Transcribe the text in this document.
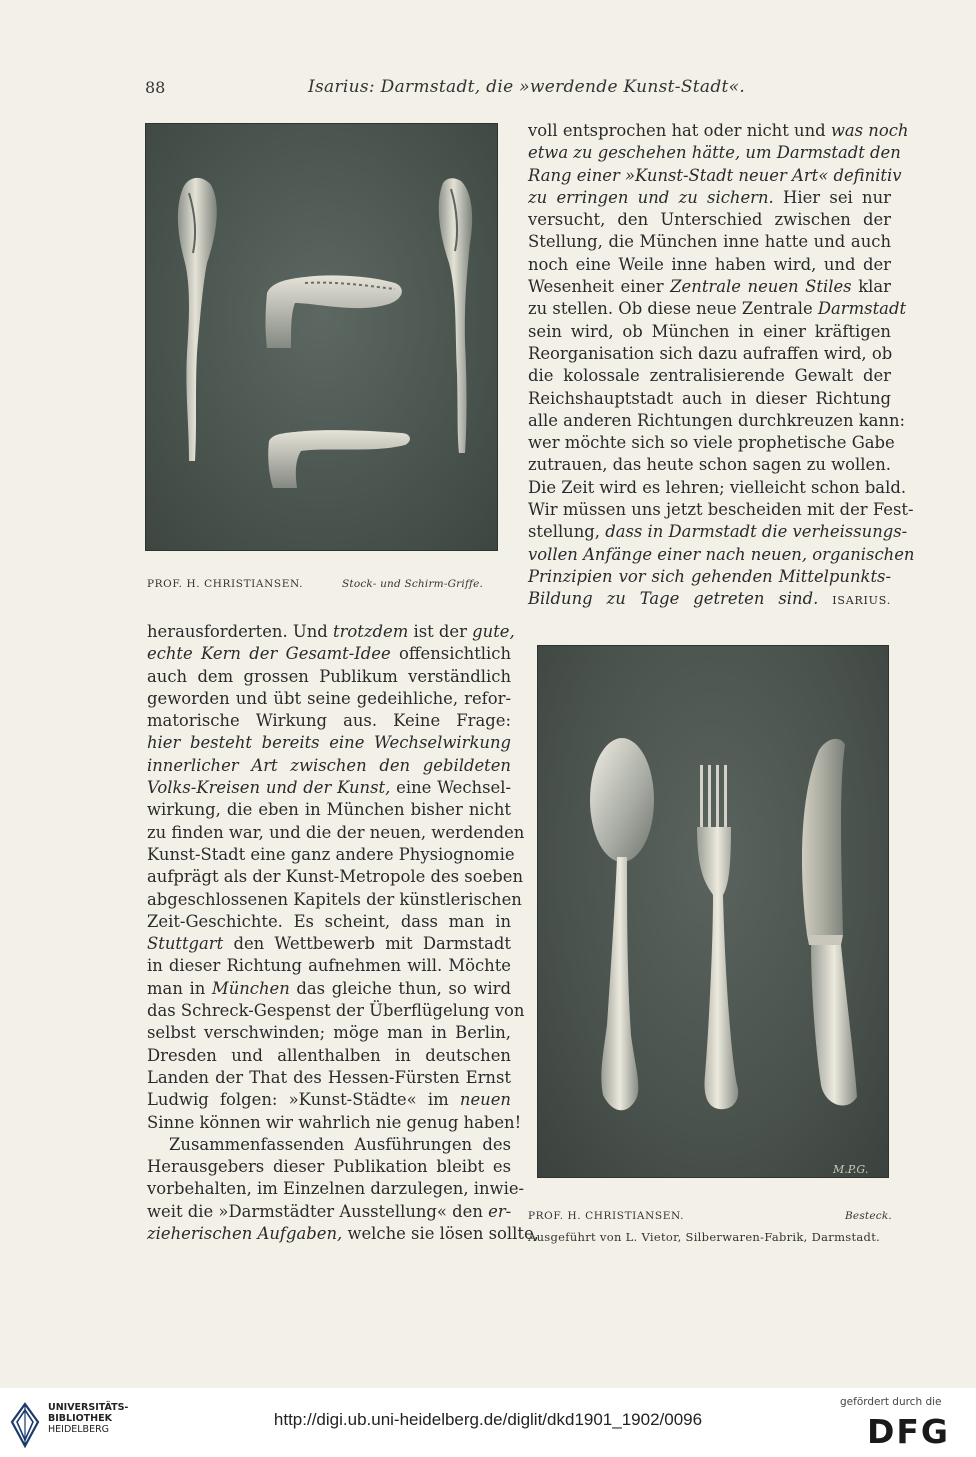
88	Isarius: Darmstadt, die »werdende Kunst-Stadt«.
PROF. H. CHRISTIANSEN.	Stock- und Schirm-Griffe.
voll entsprochen hat oder nicht und was noch
etwa zu geschehen hätte, um Darmstadt den
Rang einer »Kunst-Stadt neuer Art« definitiv
zu erringen und zu sichern. Hier sei nur
versucht, den Unterschied zwischen der
Stellung, die München inne hatte und auch
noch eine Weile inne haben wird, und der
Wesenheit einer Zentrale neuen Stiles klar
zu stellen. Ob diese neue Zentrale Darmstadt
sein wird, ob München in einer kräftigen
Reorganisation sich dazu aufraffen wird, ob
die kolossale zentralisierende Gewalt der
Reichshauptstadt auch in dieser Richtung
alle anderen Richtungen durchkreuzen kann:
wer möchte sich so viele prophetische Gabe
zutrauen, das heute schon sagen zu wollen.
Die Zeit wird es lehren; vielleicht schon bald.
Wir müssen uns jetzt bescheiden mit der Fest-
stellung, dass in Darmstadt die verheissungs-
vollen Anfänge einer nach neuen, organischen
Prinzipien vor sich gehenden Mittelpunkts-
Bildung zu Tage getreten sind. ISARIUS.
herausforderten. Und trotzdem ist der gute,
echte Kern der Gesamt-Idee offensichtlich
auch dem grossen Publikum verständlich
geworden und übt seine gedeihliche, refor-
matorische Wirkung aus. Keine Frage:
hier besteht bereits eine Wechselwirkung
innerlicher Art zwischen den gebildeten
Volks-Kreisen und der Kunst, eine Wechsel-
wirkung, die eben in München bisher nicht
zu finden war, und die der neuen, werdenden
Kunst-Stadt eine ganz andere Physiognomie
aufprägt als der Kunst-Metropole des soeben
abgeschlossenen Kapitels der künstlerischen
Zeit-Geschichte. Es scheint, dass man in
Stuttgart den Wettbewerb mit Darmstadt
in dieser Richtung aufnehmen will. Möchte
man in München das gleiche thun, so wird
das Schreck-Gespenst der Überflügelung von
selbst verschwinden; möge man in Berlin,
Dresden und allenthalben in deutschen
Landen der That des Hessen-Fürsten Ernst
Ludwig folgen: »Kunst-Städte« im neuen
Sinne können wir wahrlich nie genug haben!
Zusammenfassenden Ausführungen des
Herausgebers dieser Publikation bleibt es
vorbehalten, im Einzelnen darzulegen, inwie-
weit die »Darmstädter Ausstellung« den er-
zieherischen Aufgaben, welche sie lösen sollte,
M.P.G.
PROF. H. CHRISTIANSEN.	Besteck.
Ausgeführt von L. Vietor, Silberwaren-Fabrik, Darmstadt.
UNIVERSITÄTS-
BIBLIOTHEK
HEIDELBERG
http://digi.ub.uni-heidelberg.de/diglit/dkd1901_1902/0096
gefördert durch die
DFG
